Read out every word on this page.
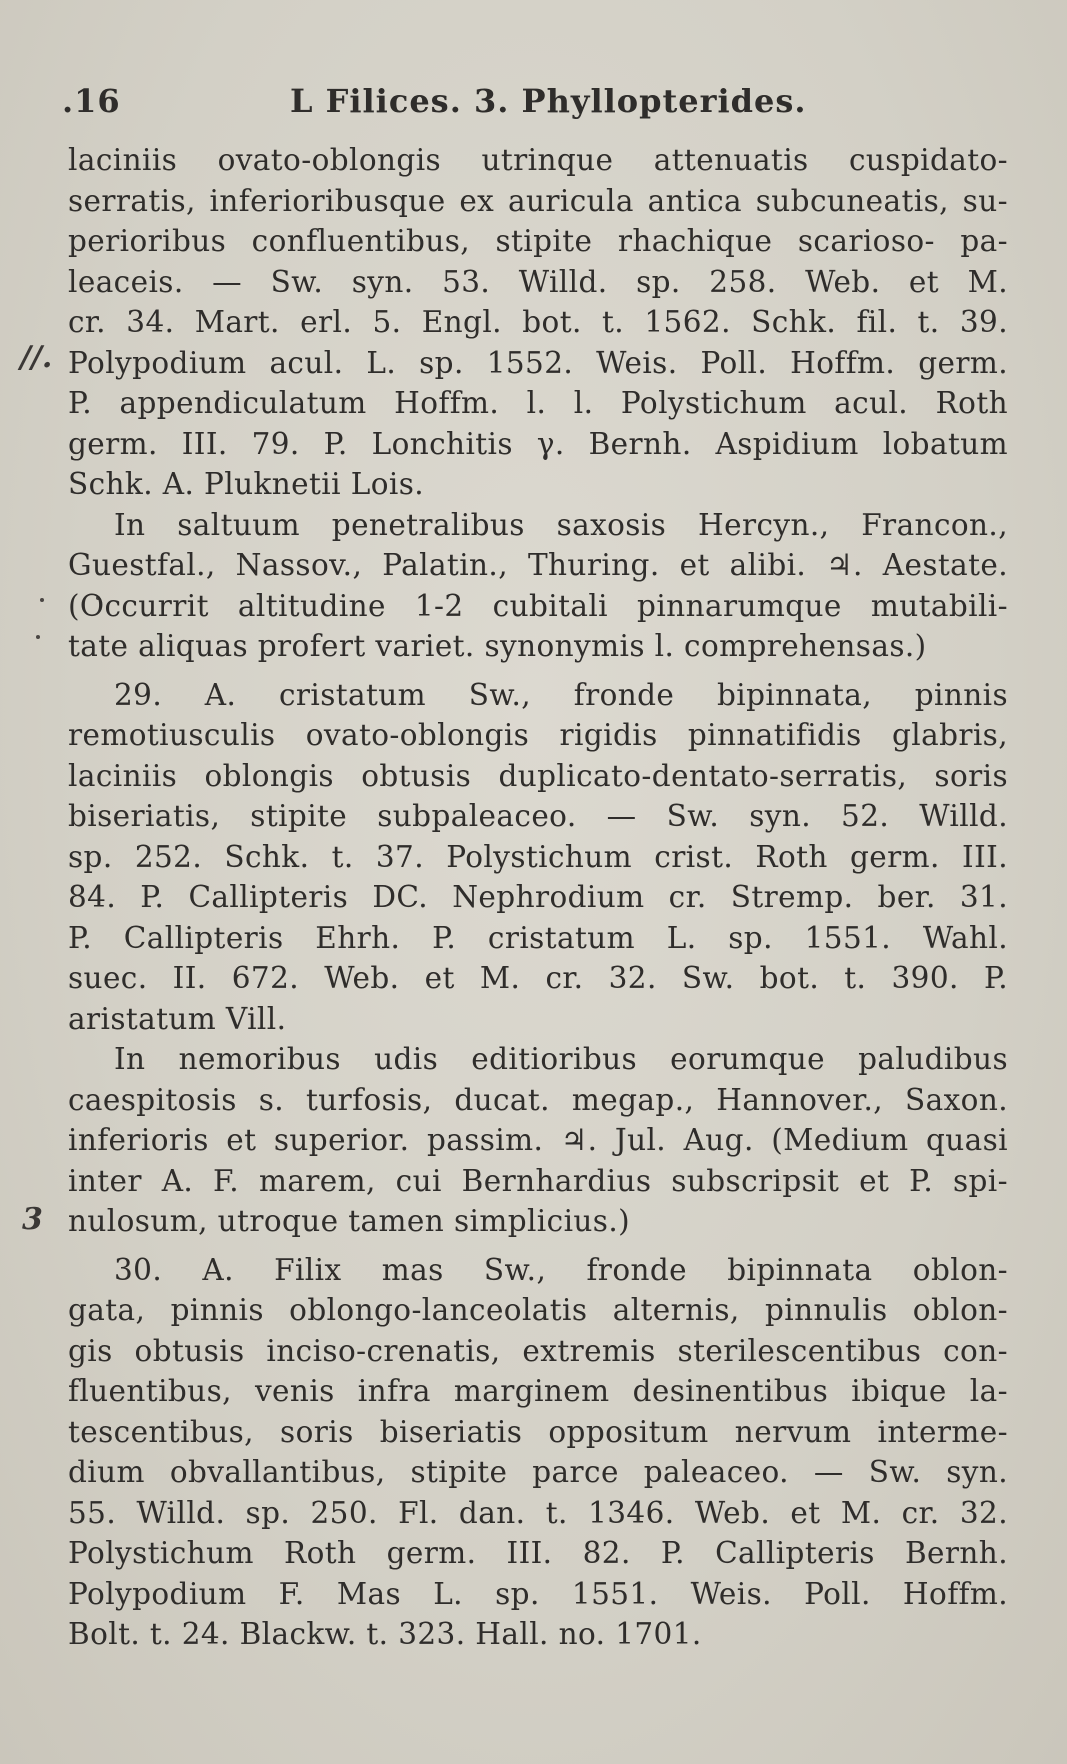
.16	L Filices. 3. Phyllopterides.
//.
3
laciniis ovato-oblongis utrinque attenuatis cuspidato-
serratis, inferioribusque ex auricula antica subcuneatis, su-
perioribus confluentibus, stipite rhachique scarioso- pa-
leaceis. — Sw. syn. 53. Willd. sp. 258. Web. et M.
cr. 34. Mart. erl. 5. Engl. bot. t. 1562. Schk. fil. t. 39.
Polypodium acul. L. sp. 1552. Weis. Poll. Hoffm. germ.
P. appendiculatum Hoffm. l. l. Polystichum acul. Roth
germ. III. 79. P. Lonchitis γ. Bernh. Aspidium lobatum
Schk. A. Pluknetii Lois.
In saltuum penetralibus saxosis Hercyn., Francon.,
Guestfal., Nassov., Palatin., Thuring. et alibi. ♃. Aestate.
(Occurrit altitudine 1-2 cubitali pinnarumque mutabili-
tate aliquas profert variet. synonymis l. comprehensas.)
29. A. cristatum Sw., fronde bipinnata, pinnis
remotiusculis ovato-oblongis rigidis pinnatifidis glabris,
laciniis oblongis obtusis duplicato-dentato-serratis, soris
biseriatis, stipite subpaleaceo. — Sw. syn. 52. Willd.
sp. 252. Schk. t. 37. Polystichum crist. Roth germ. III.
84. P. Callipteris DC. Nephrodium cr. Stremp. ber. 31.
P. Callipteris Ehrh. P. cristatum L. sp. 1551. Wahl.
suec. II. 672. Web. et M. cr. 32. Sw. bot. t. 390. P.
aristatum Vill.
In nemoribus udis editioribus eorumque paludibus
caespitosis s. turfosis, ducat. megap., Hannover., Saxon.
inferioris et superior. passim. ♃. Jul. Aug. (Medium quasi
inter A. F. marem, cui Bernhardius subscripsit et P. spi-
nulosum, utroque tamen simplicius.)
30. A. Filix mas Sw., fronde bipinnata oblon-
gata, pinnis oblongo-lanceolatis alternis, pinnulis oblon-
gis obtusis inciso-crenatis, extremis sterilescentibus con-
fluentibus, venis infra marginem desinentibus ibique la-
tescentibus, soris biseriatis oppositum nervum interme-
dium obvallantibus, stipite parce paleaceo. — Sw. syn.
55. Willd. sp. 250. Fl. dan. t. 1346. Web. et M. cr. 32.
Polystichum Roth germ. III. 82. P. Callipteris Bernh.
Polypodium F. Mas L. sp. 1551. Weis. Poll. Hoffm.
Bolt. t. 24. Blackw. t. 323. Hall. no. 1701.
